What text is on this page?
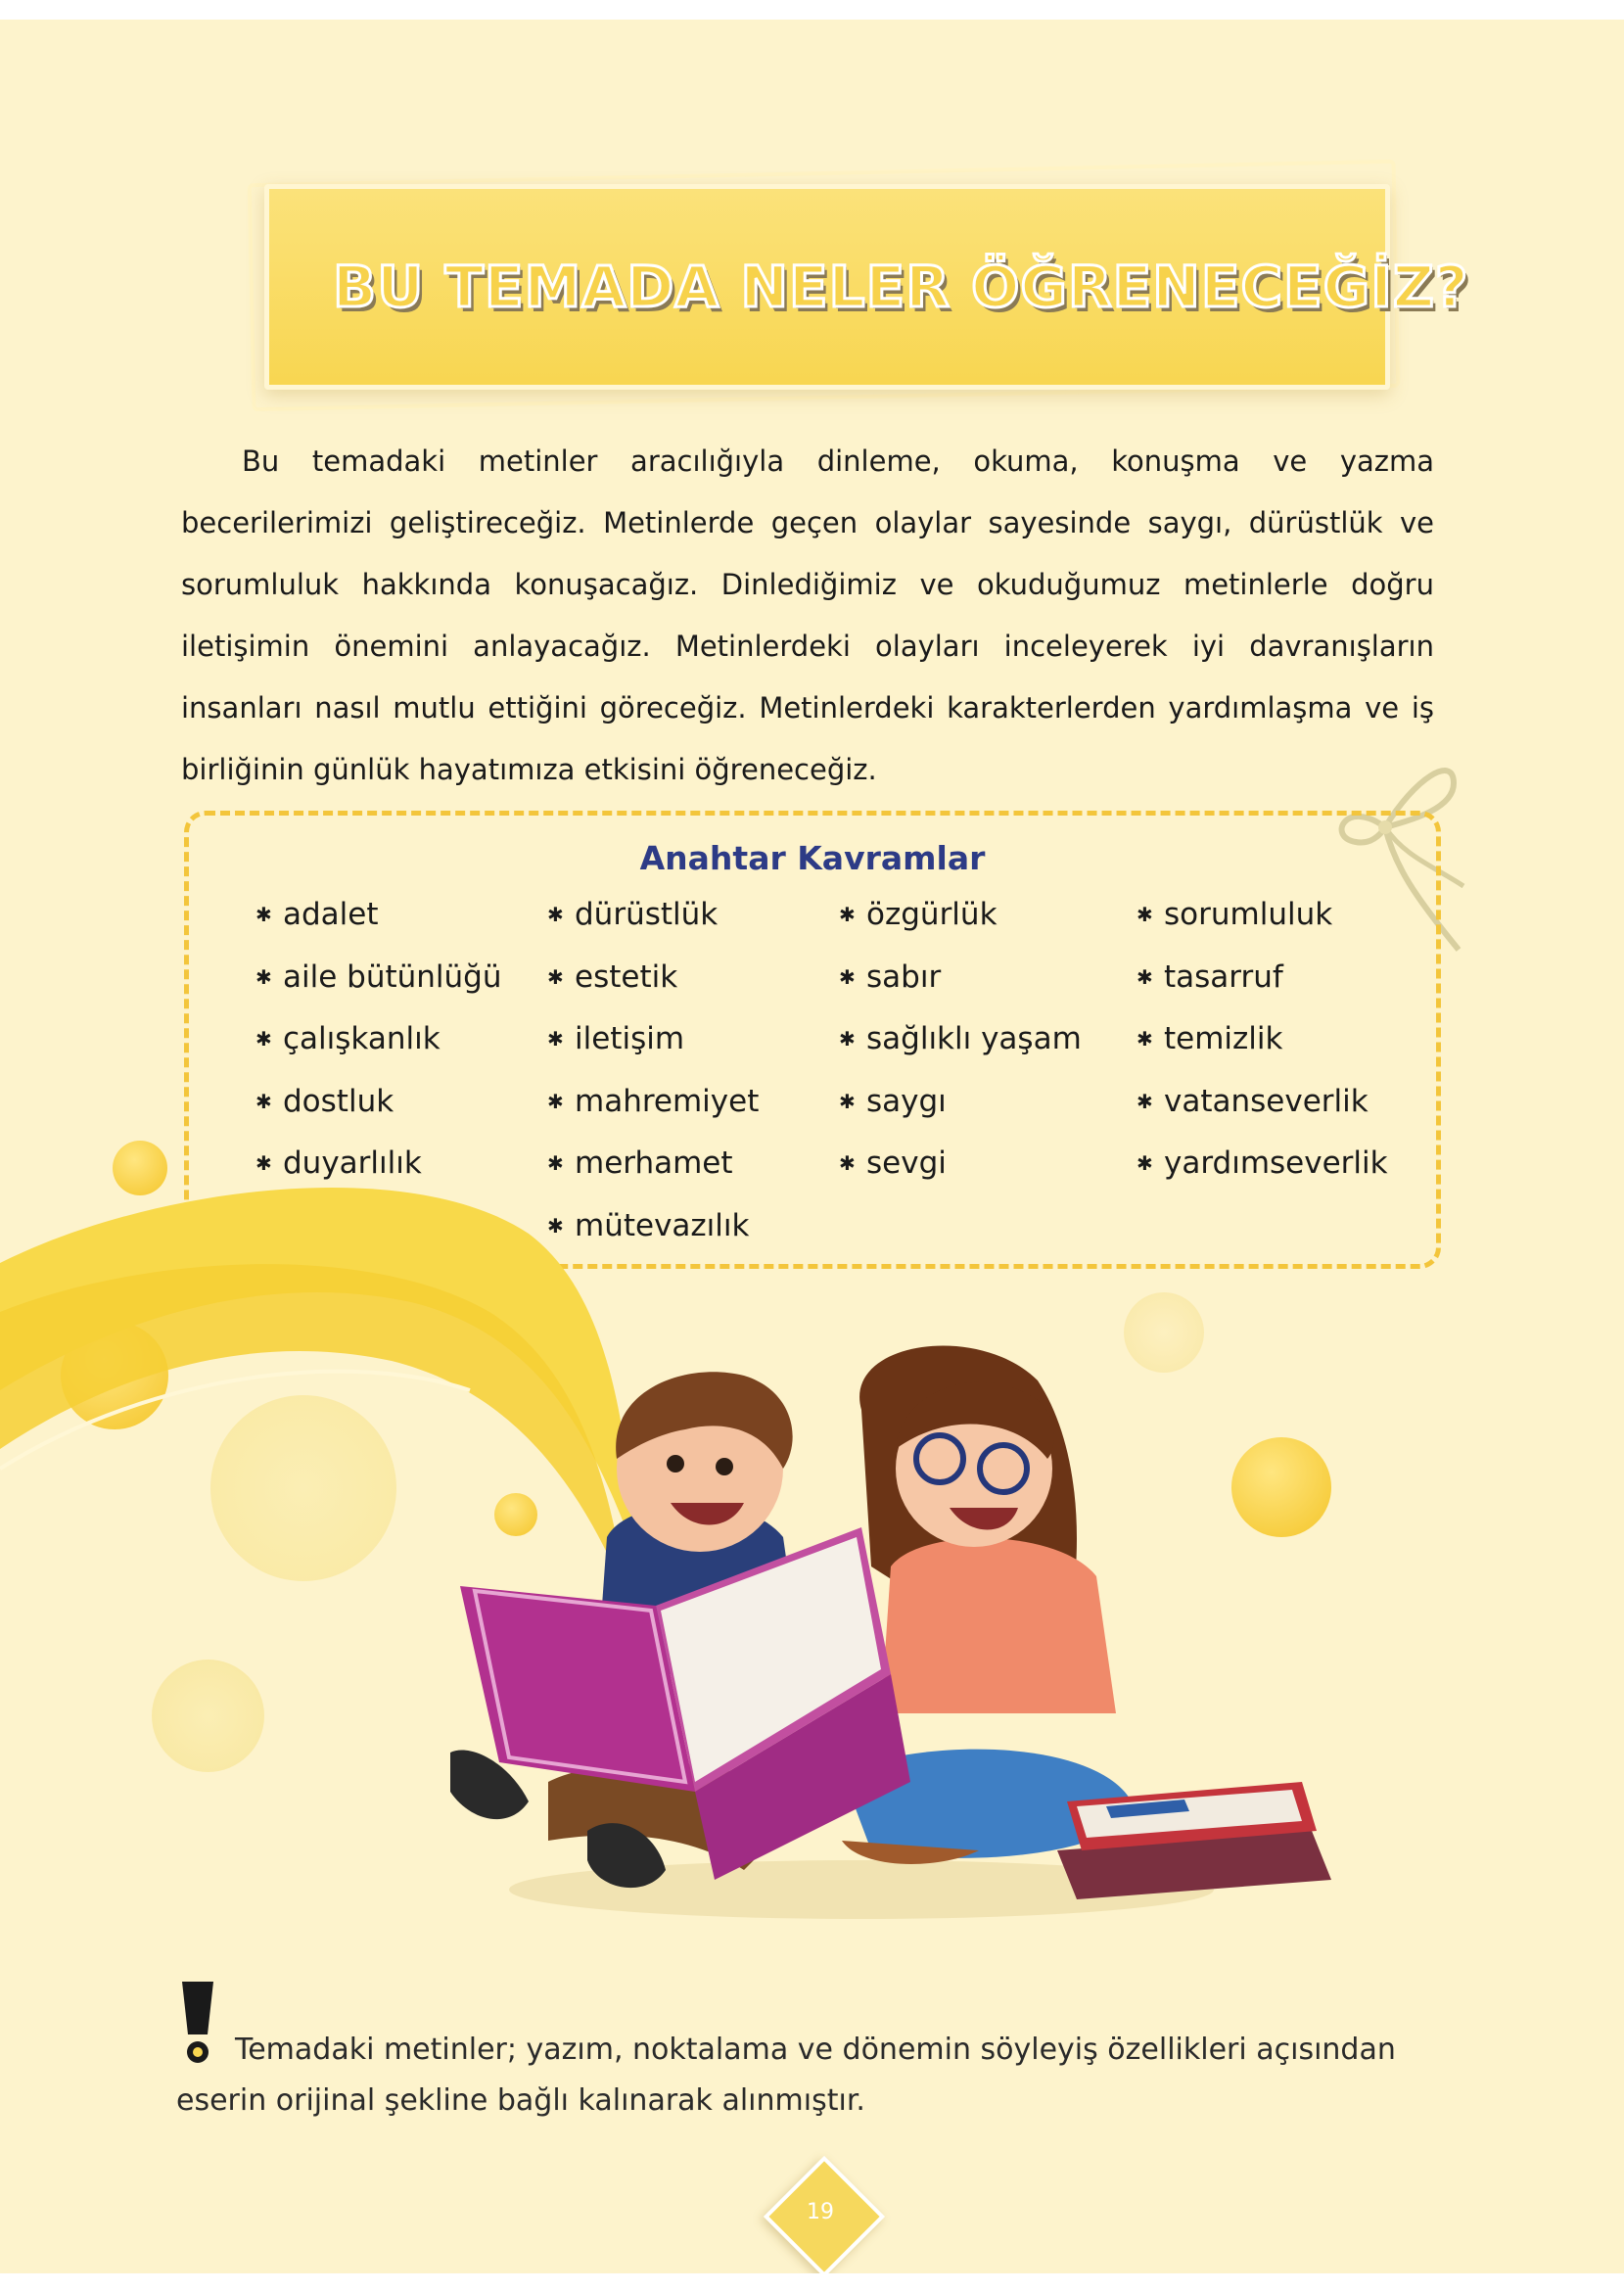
BU TEMADA NELER ÖĞRENECEĞİZ?

Bu temadaki metinler aracılığıyla dinleme, okuma, konuşma ve yazma becerilerimizi geliştireceğiz. Metinlerde geçen olaylar sayesinde saygı, dürüstlük ve sorumluluk hakkında konuşacağız. Dinlediğimiz ve okuduğumuz metinlerle doğru iletişimin önemini anlayacağız. Metinlerdeki olayları inceleyerek iyi davranışların insanları nasıl mutlu ettiğini göreceğiz. Metinlerdeki karakterlerden yardımlaşma ve iş birliğinin günlük hayatımıza etkisini öğreneceğiz.

Anahtar Kavramlar
✱ adalet
✱ aile bütünlüğü
✱ çalışkanlık
✱ dostluk
✱ duyarlılık
✱ dürüstlük
✱ estetik
✱ iletişim
✱ mahremiyet
✱ merhamet
✱ mütevazılık
✱ özgürlük
✱ sabır
✱ sağlıklı yaşam
✱ saygı
✱ sevgi
✱ sorumluluk
✱ tasarruf
✱ temizlik
✱ vatanseverlik
✱ yardımseverlik

Temadaki metinler; yazım, noktalama ve dönemin söyleyiş özellikleri açısından eserin orijinal şekline bağlı kalınarak alınmıştır.

19
